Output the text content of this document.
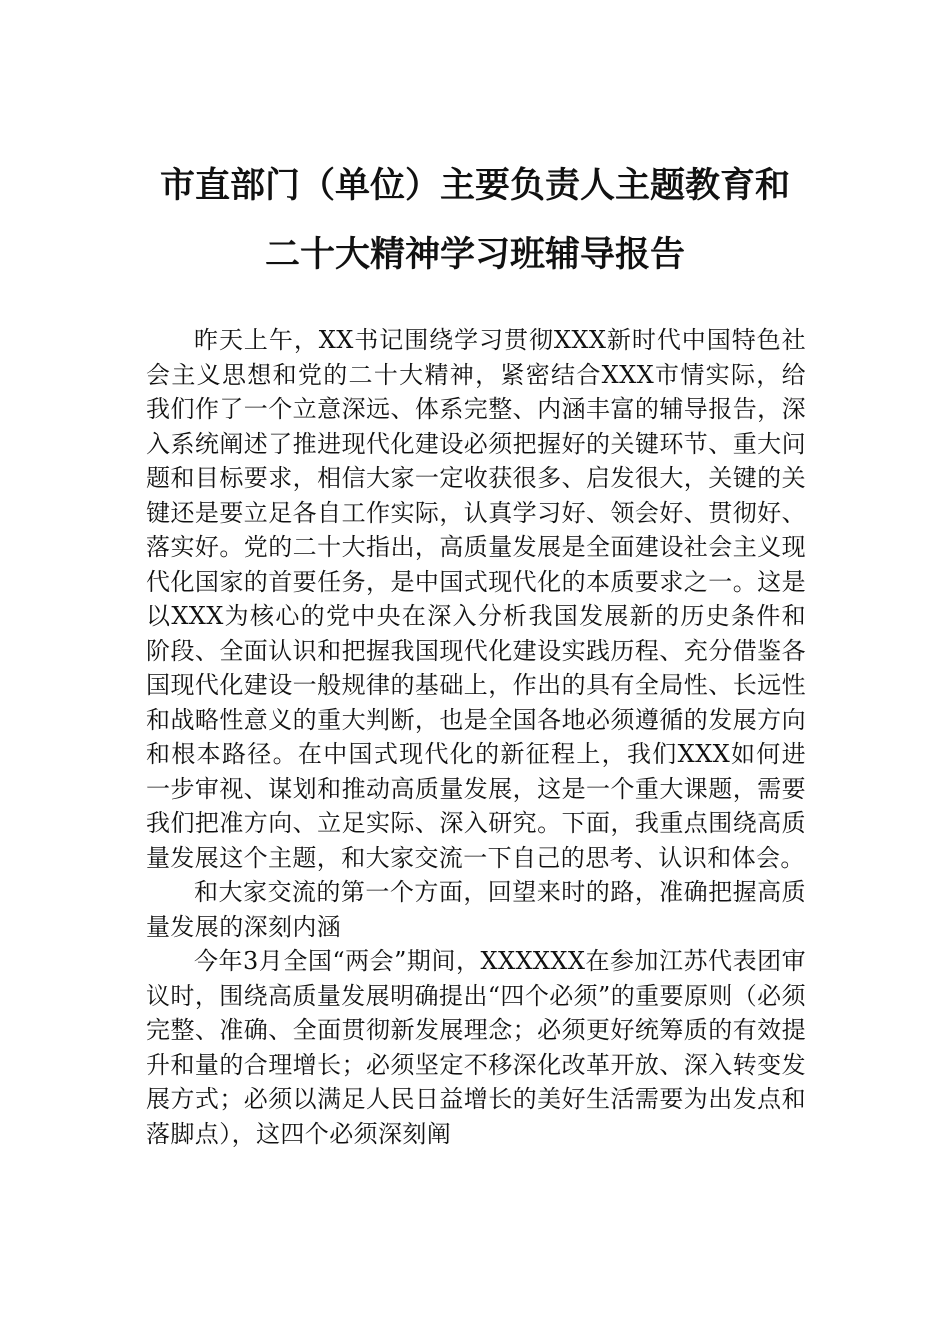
市直部门（单位）主要负责人主题教育和
二十大精神学习班辅导报告

昨天上午，XX书记围绕学习贯彻XXX新时代中国特色社会主义思想和党的二十大精神，紧密结合XXX市情实际，给我们作了一个立意深远、体系完整、内涵丰富的辅导报告，深入系统阐述了推进现代化建设必须把握好的关键环节、重大问题和目标要求，相信大家一定收获很多、启发很大，关键的关键还是要立足各自工作实际，认真学习好、领会好、贯彻好、落实好。党的二十大指出，高质量发展是全面建设社会主义现代化国家的首要任务，是中国式现代化的本质要求之一。这是以XXX为核心的党中央在深入分析我国发展新的历史条件和阶段、全面认识和把握我国现代化建设实践历程、充分借鉴各国现代化建设一般规律的基础上，作出的具有全局性、长远性和战略性意义的重大判断，也是全国各地必须遵循的发展方向和根本路径。在中国式现代化的新征程上，我们XXX如何进一步审视、谋划和推动高质量发展，这是一个重大课题，需要我们把准方向、立足实际、深入研究。下面，我重点围绕高质量发展这个主题，和大家交流一下自己的思考、认识和体会。

和大家交流的第一个方面，回望来时的路，准确把握高质量发展的深刻内涵

今年3月全国“两会”期间，XXXXXX在参加江苏代表团审议时，围绕高质量发展明确提出“四个必须”的重要原则（必须完整、准确、全面贯彻新发展理念；必须更好统筹质的有效提升和量的合理增长；必须坚定不移深化改革开放、深入转变发展方式；必须以满足人民日益增长的美好生活需要为出发点和落脚点），这四个必须深刻阐
